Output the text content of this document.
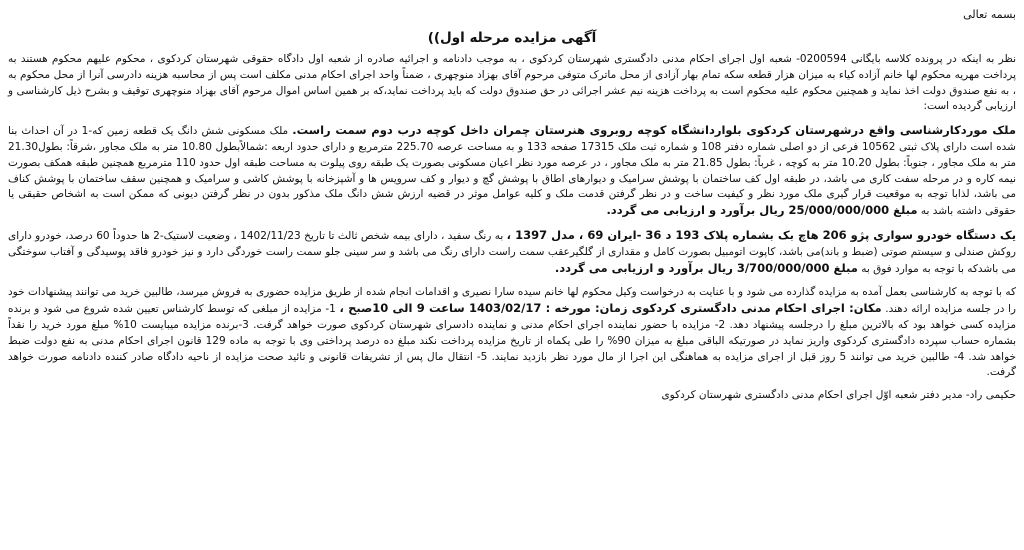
بسمه تعالی
آگهی مزایده مرحله اول))

نظر به اینکه در پرونده کلاسه بایگانی 0200594- شعبه اول اجرای احکام مدنی دادگستری شهرستان کردکوی ، به موجب دادنامه و اجرائیه صادره از شعبه اول دادگاه حقوقی شهرستان کردکوی ، محکوم علیهم محکوم هستند به پرداخت مهریه محکوم لها خانم آزاده کیاء به میزان هزار قطعه سکه تمام بهار آزادی از محل ماترک متوفی مرحوم آقای بهزاد منوچهری ، ضمناً واحد اجرای احکام مدنی مکلف است پس از محاسبه هزینه دادرسی آنرا از محل محکوم به ، به نفع صندوق دولت اخذ نماید و همچنین محکوم علیه محکوم است به پرداخت هزینه نیم عشر اجرائی در حق صندوق دولت که باید پرداخت نماید،که بر همین اساس اموال مرحوم آقای بهزاد منوچهری توقیف و بشرح ذیل کارشناسی و ارزیابی گردیده است:

ملک موردکارشناسی واقع درشهرستان کردکوی بلواردانشگاه کوچه روبروی هنرستان چمران داخل کوچه درب دوم سمت راست. ملک مسکونی شش دانگ یک قطعه زمین که-1 در آن احداث بنا شده است دارای پلاک ثبتی 10562 فرعی از دو اصلی شماره دفتر 108 و شماره ثبت ملک 17315 صفحه 133 و به مساحت عرصه 225.70 مترمربع و دارای حدود اربعه :شمالاًبطول 10.80 متر به ملک مجاور ،شرقاً: بطول21.30 متر به ملک مجاور ، جنوباً: بطول 10.20 متر به کوچه ، غرباً: بطول 21.85 متر به ملک مجاور ، در عرصه مورد نظر اعیان مسکونی بصورت یک طبقه روی پیلوت به مساحت طبقه اول حدود 110 مترمربع همچنین طبقه همکف بصورت نیمه کاره و در مرحله سفت کاری می باشد، در طبقه اول کف ساختمان با پوشش سرامیک و دیوارهای اطاق با پوشش گچ و دیوار و کف سرویس ها و آشپزخانه با پوشش کاشی و سرامیک و همچنین سقف ساختمان با پوشش کناف می باشد، لذابا توجه به موقعیت قرار گیری ملک مورد نظر و کیفیت ساخت و در نظر گرفتن قدمت ملک و کلیه عوامل موثر در قضیه ارزش شش دانگ ملک مذکور بدون در نظر گرفتن دیونی که ممکن است به اشخاص حقیقی یا حقوقی داشته باشد به مبلغ 25/000/000/000 ریال برآورد و ارزیابی می گردد.

یک دستگاه خودرو سواری پژو 206 هاچ بک بشماره پلاک 193 د 36 -ایران 69 ، مدل 1397 ، به رنگ سفید ، دارای بیمه شخص ثالث تا تاریخ 1402/11/23 ، وضعیت لاستیک-2 ها حدوداً 60 درصد، خودرو دارای روکش صندلی و سیستم صوتی (ضبط و باند)می باشد، کاپوت اتومبیل بصورت کامل و مقداری از گلگیرعقب سمت راست دارای رنگ می باشد و سر سینی جلو سمت راست خوردگی دارد و نیز خودرو فاقد پوسیدگی و آفتاب سوختگی می باشدکه با توجه به موارد فوق به مبلغ 3/700/000/000 ریال برآورد و ارزیابی می گردد.

که با توجه به کارشناسی بعمل آمده به مزایده گذارده می شود و با عنایت به درخواست وکیل محکوم لها خانم سیده سارا نصیری و اقدامات انجام شده از طریق مزایده حضوری به فروش میرسد، طالبین خرید می توانند پیشنهادات خود را در جلسه مزایده ارائه دهند. مکان: اجرای احکام مدنی دادگستری کردکوی زمان: مورخه : 1403/02/17 ساعت 9 الی 10صبح ، 1- مزایده از مبلغی که توسط کارشناس تعیین شده شروع می شود و برنده مزایده کسی خواهد بود که بالاترین مبلغ را درجلسه پیشنهاد دهد. 2- مزایده با حضور نماینده اجرای احکام مدنی و نماینده دادسرای شهرستان کردکوی صورت خواهد گرفت. 3-برنده مزایده میبایست 10% مبلغ مورد خرید را نقداً بشماره حساب سپرده دادگستری کردکوی واریز نماید در صورتیکه الباقی مبلغ به میزان 90% را طی یکماه از تاریخ مزایده پرداخت نکند مبلغ ده درصد پرداختی وی با توجه به ماده 129 قانون اجرای احکام مدنی به نفع دولت ضبط خواهد شد. 4- طالبین خرید می توانند 5 روز قبل از اجرای مزایده به هماهنگی این اجرا از مال مورد نظر بازدید نمایند. 5- انتقال مال پس از تشریفات قانونی و تائید صحت مزایده از ناحیه دادگاه صادر کننده دادنامه صورت خواهد گرفت.

حکیمی راد- مدیر دفتر شعبه اوّل اجرای احکام مدنی دادگستری شهرستان کردکوی
